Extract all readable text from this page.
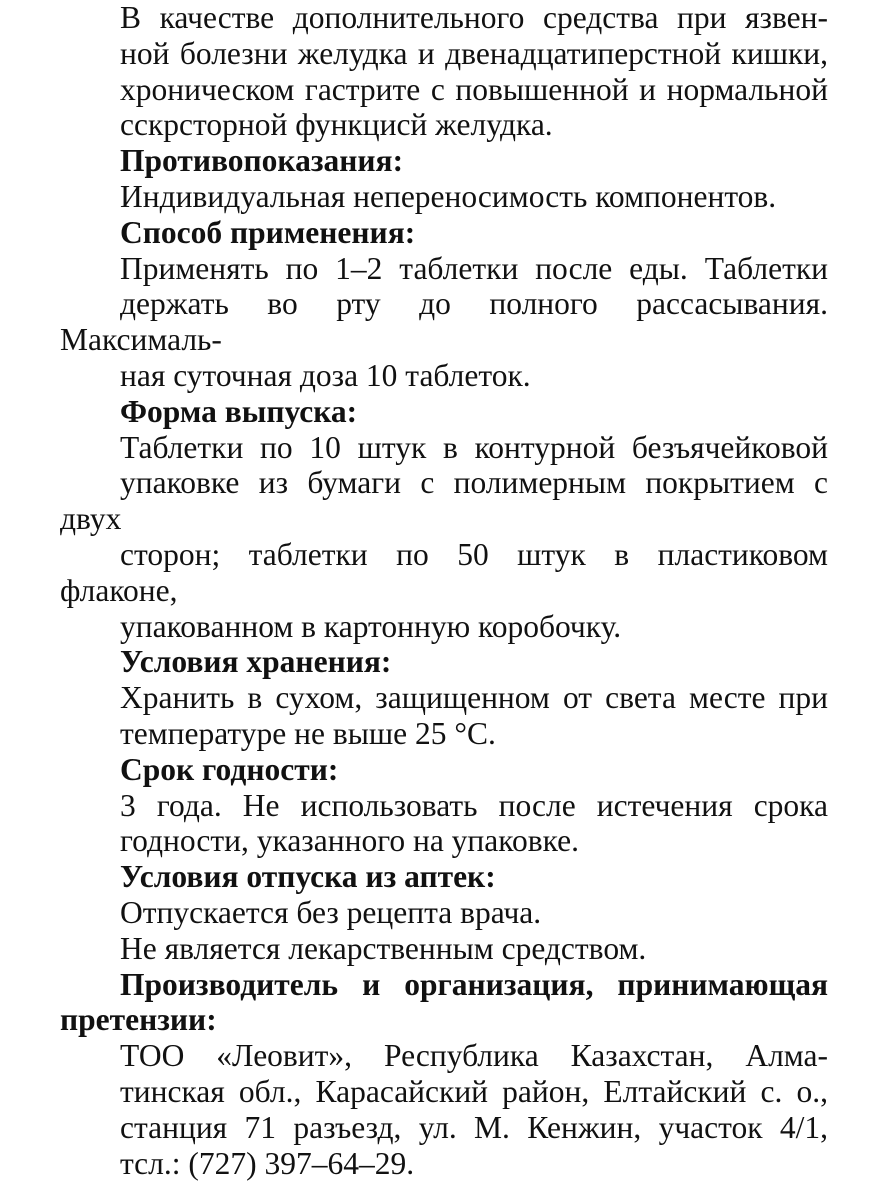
В качестве дополнительного средства при язвен-
ной болезни желудка и двенадцатиперстной кишки,
хроническом гастрите с повышенной и нормальной
сскрсторной функцисй желудка.
Противопоказания:
Индивидуальная непереносимость компонентов.
Способ применения:
Применять по 1–2 таблетки после еды. Таблетки
держать во рту до полного рассасывания. Максималь-
ная суточная доза 10 таблеток.
Форма выпуска:
Таблетки по 10 штук в контурной безъячейковой
упаковке из бумаги с полимерным покрытием с двух
сторон; таблетки по 50 штук в пластиковом флаконе,
упакованном в картонную коробочку.
Условия хранения:
Хранить в сухом, защищенном от света месте при
температуре не выше 25 °С.
Срок годности:
3 года. Не использовать после истечения срока
годности, указанного на упаковке.
Условия отпуска из аптек:
Отпускается без рецепта врача.
Не является лекарственным средством.
Производитель и организация, принимающая
претензии:
ТОО «Леовит», Республика Казахстан, Алма-
тинская обл., Карасайский район, Елтайский с. о.,
станция 71 разъезд, ул. М. Кенжин, участок 4/1,
тсл.: (727) 397–64–29.
